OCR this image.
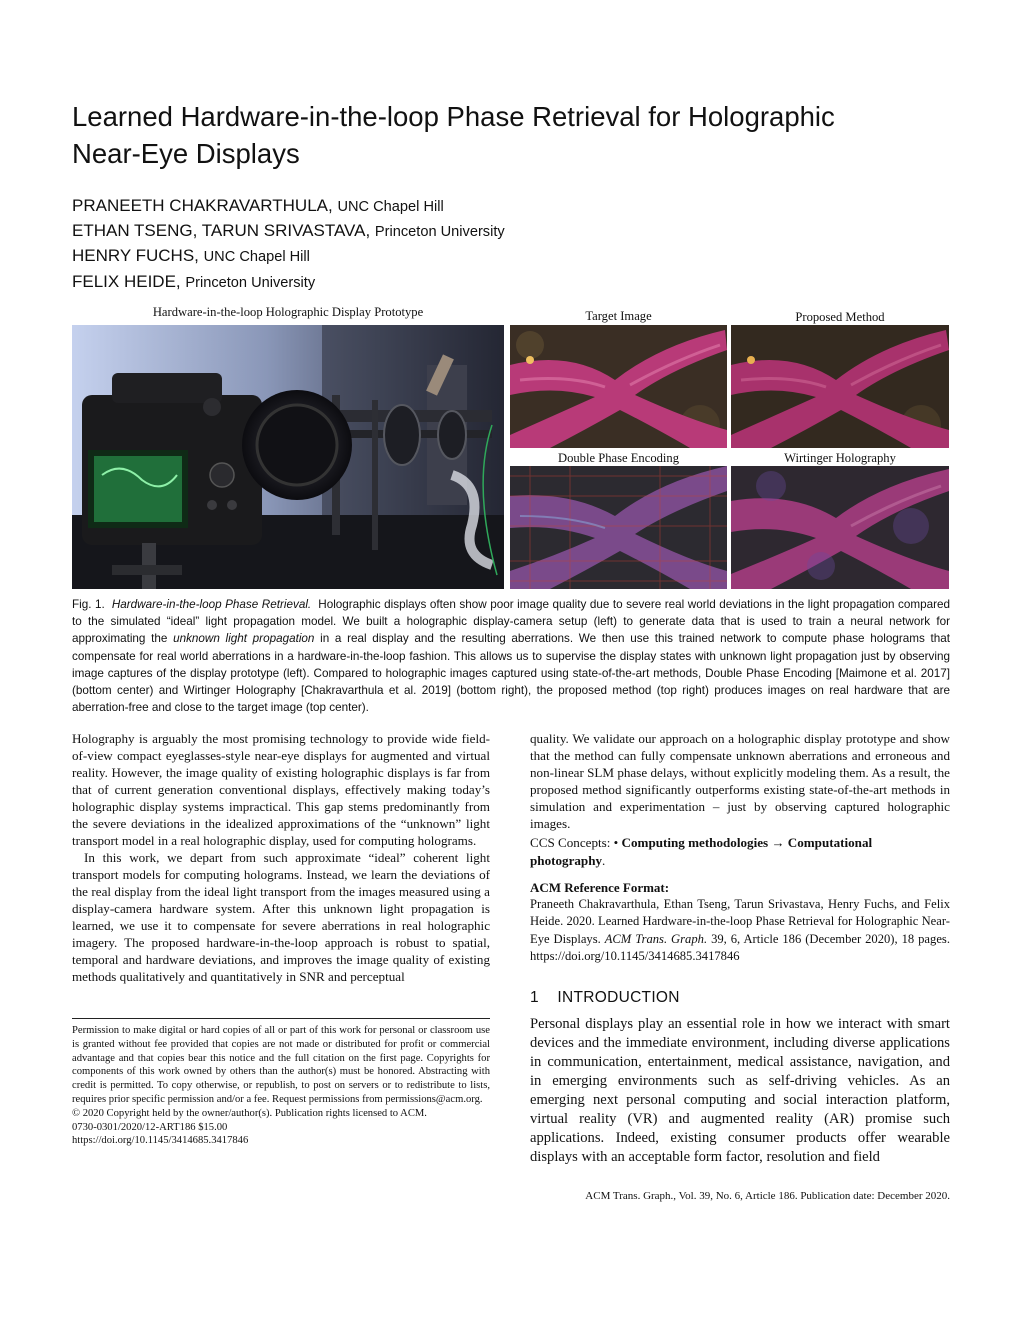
Learned Hardware-in-the-loop Phase Retrieval for Holographic
Near-Eye Displays
PRANEETH CHAKRAVARTHULA, UNC Chapel Hill
ETHAN TSENG, TARUN SRIVASTAVA, Princeton University
HENRY FUCHS, UNC Chapel Hill
FELIX HEIDE, Princeton University
Hardware-in-the-loop Holographic Display Prototype	Target Image	Proposed Method
Double Phase Encoding	Wirtinger Holography
Fig. 1. Hardware-in-the-loop Phase Retrieval. Holographic displays often show poor image quality due to severe real world deviations in the light propagation compared to the simulated “ideal” light propagation model. We built a holographic display-camera setup (left) to generate data that is used to train a neural network for approximating the unknown light propagation in a real display and the resulting aberrations. We then use this trained network to compute phase holograms that compensate for real world aberrations in a hardware-in-the-loop fashion. This allows us to supervise the display states with unknown light propagation just by observing image captures of the display prototype (left). Compared to holographic images captured using state-of-the-art methods, Double Phase Encoding [Maimone et al. 2017] (bottom center) and Wirtinger Holography [Chakravarthula et al. 2019] (bottom right), the proposed method (top right) produces images on real hardware that are aberration-free and close to the target image (top center).

Holography is arguably the most promising technology to provide wide field-of-view compact eyeglasses-style near-eye displays for augmented and virtual reality. However, the image quality of existing holographic displays is far from that of current generation conventional displays, effectively making today’s holographic display systems impractical. This gap stems predominantly from the severe deviations in the idealized approximations of the “unknown” light transport model in a real holographic display, used for computing holograms.

In this work, we depart from such approximate “ideal” coherent light transport models for computing holograms. Instead, we learn the deviations of the real display from the ideal light transport from the images measured using a display-camera hardware system. After this unknown light propagation is learned, we use it to compensate for severe aberrations in real holographic imagery. The proposed hardware-in-the-loop approach is robust to spatial, temporal and hardware deviations, and improves the image quality of existing methods qualitatively and quantitatively in SNR and perceptual

Permission to make digital or hard copies of all or part of this work for personal or classroom use is granted without fee provided that copies are not made or distributed for profit or commercial advantage and that copies bear this notice and the full citation on the first page. Copyrights for components of this work owned by others than the author(s) must be honored. Abstracting with credit is permitted. To copy otherwise, or republish, to post on servers or to redistribute to lists, requires prior specific permission and/or a fee. Request permissions from permissions@acm.org.

© 2020 Copyright held by the owner/author(s). Publication rights licensed to ACM.

0730-0301/2020/12-ART186 $15.00

https://doi.org/10.1145/3414685.3417846

quality. We validate our approach on a holographic display prototype and show that the method can fully compensate unknown aberrations and erroneous and non-linear SLM phase delays, without explicitly modeling them. As a result, the proposed method significantly outperforms existing state-of-the-art methods in simulation and experimentation – just by observing captured holographic images.

CCS Concepts: • Computing methodologies → Computational photography.
ACM Reference Format:
Praneeth Chakravarthula, Ethan Tseng, Tarun Srivastava, Henry Fuchs, and Felix Heide. 2020. Learned Hardware-in-the-loop Phase Retrieval for Holographic Near-Eye Displays. ACM Trans. Graph. 39, 6, Article 186 (December 2020), 18 pages. https://doi.org/10.1145/3414685.3417846
1 INTRODUCTION
Personal displays play an essential role in how we interact with smart devices and the immediate environment, including diverse applications in communication, entertainment, medical assistance, navigation, and in emerging environments such as self-driving vehicles. As an emerging next personal computing and social interaction platform, virtual reality (VR) and augmented reality (AR) promise such applications. Indeed, existing consumer products offer wearable displays with an acceptable form factor, resolution and field
ACM Trans. Graph., Vol. 39, No. 6, Article 186. Publication date: December 2020.
